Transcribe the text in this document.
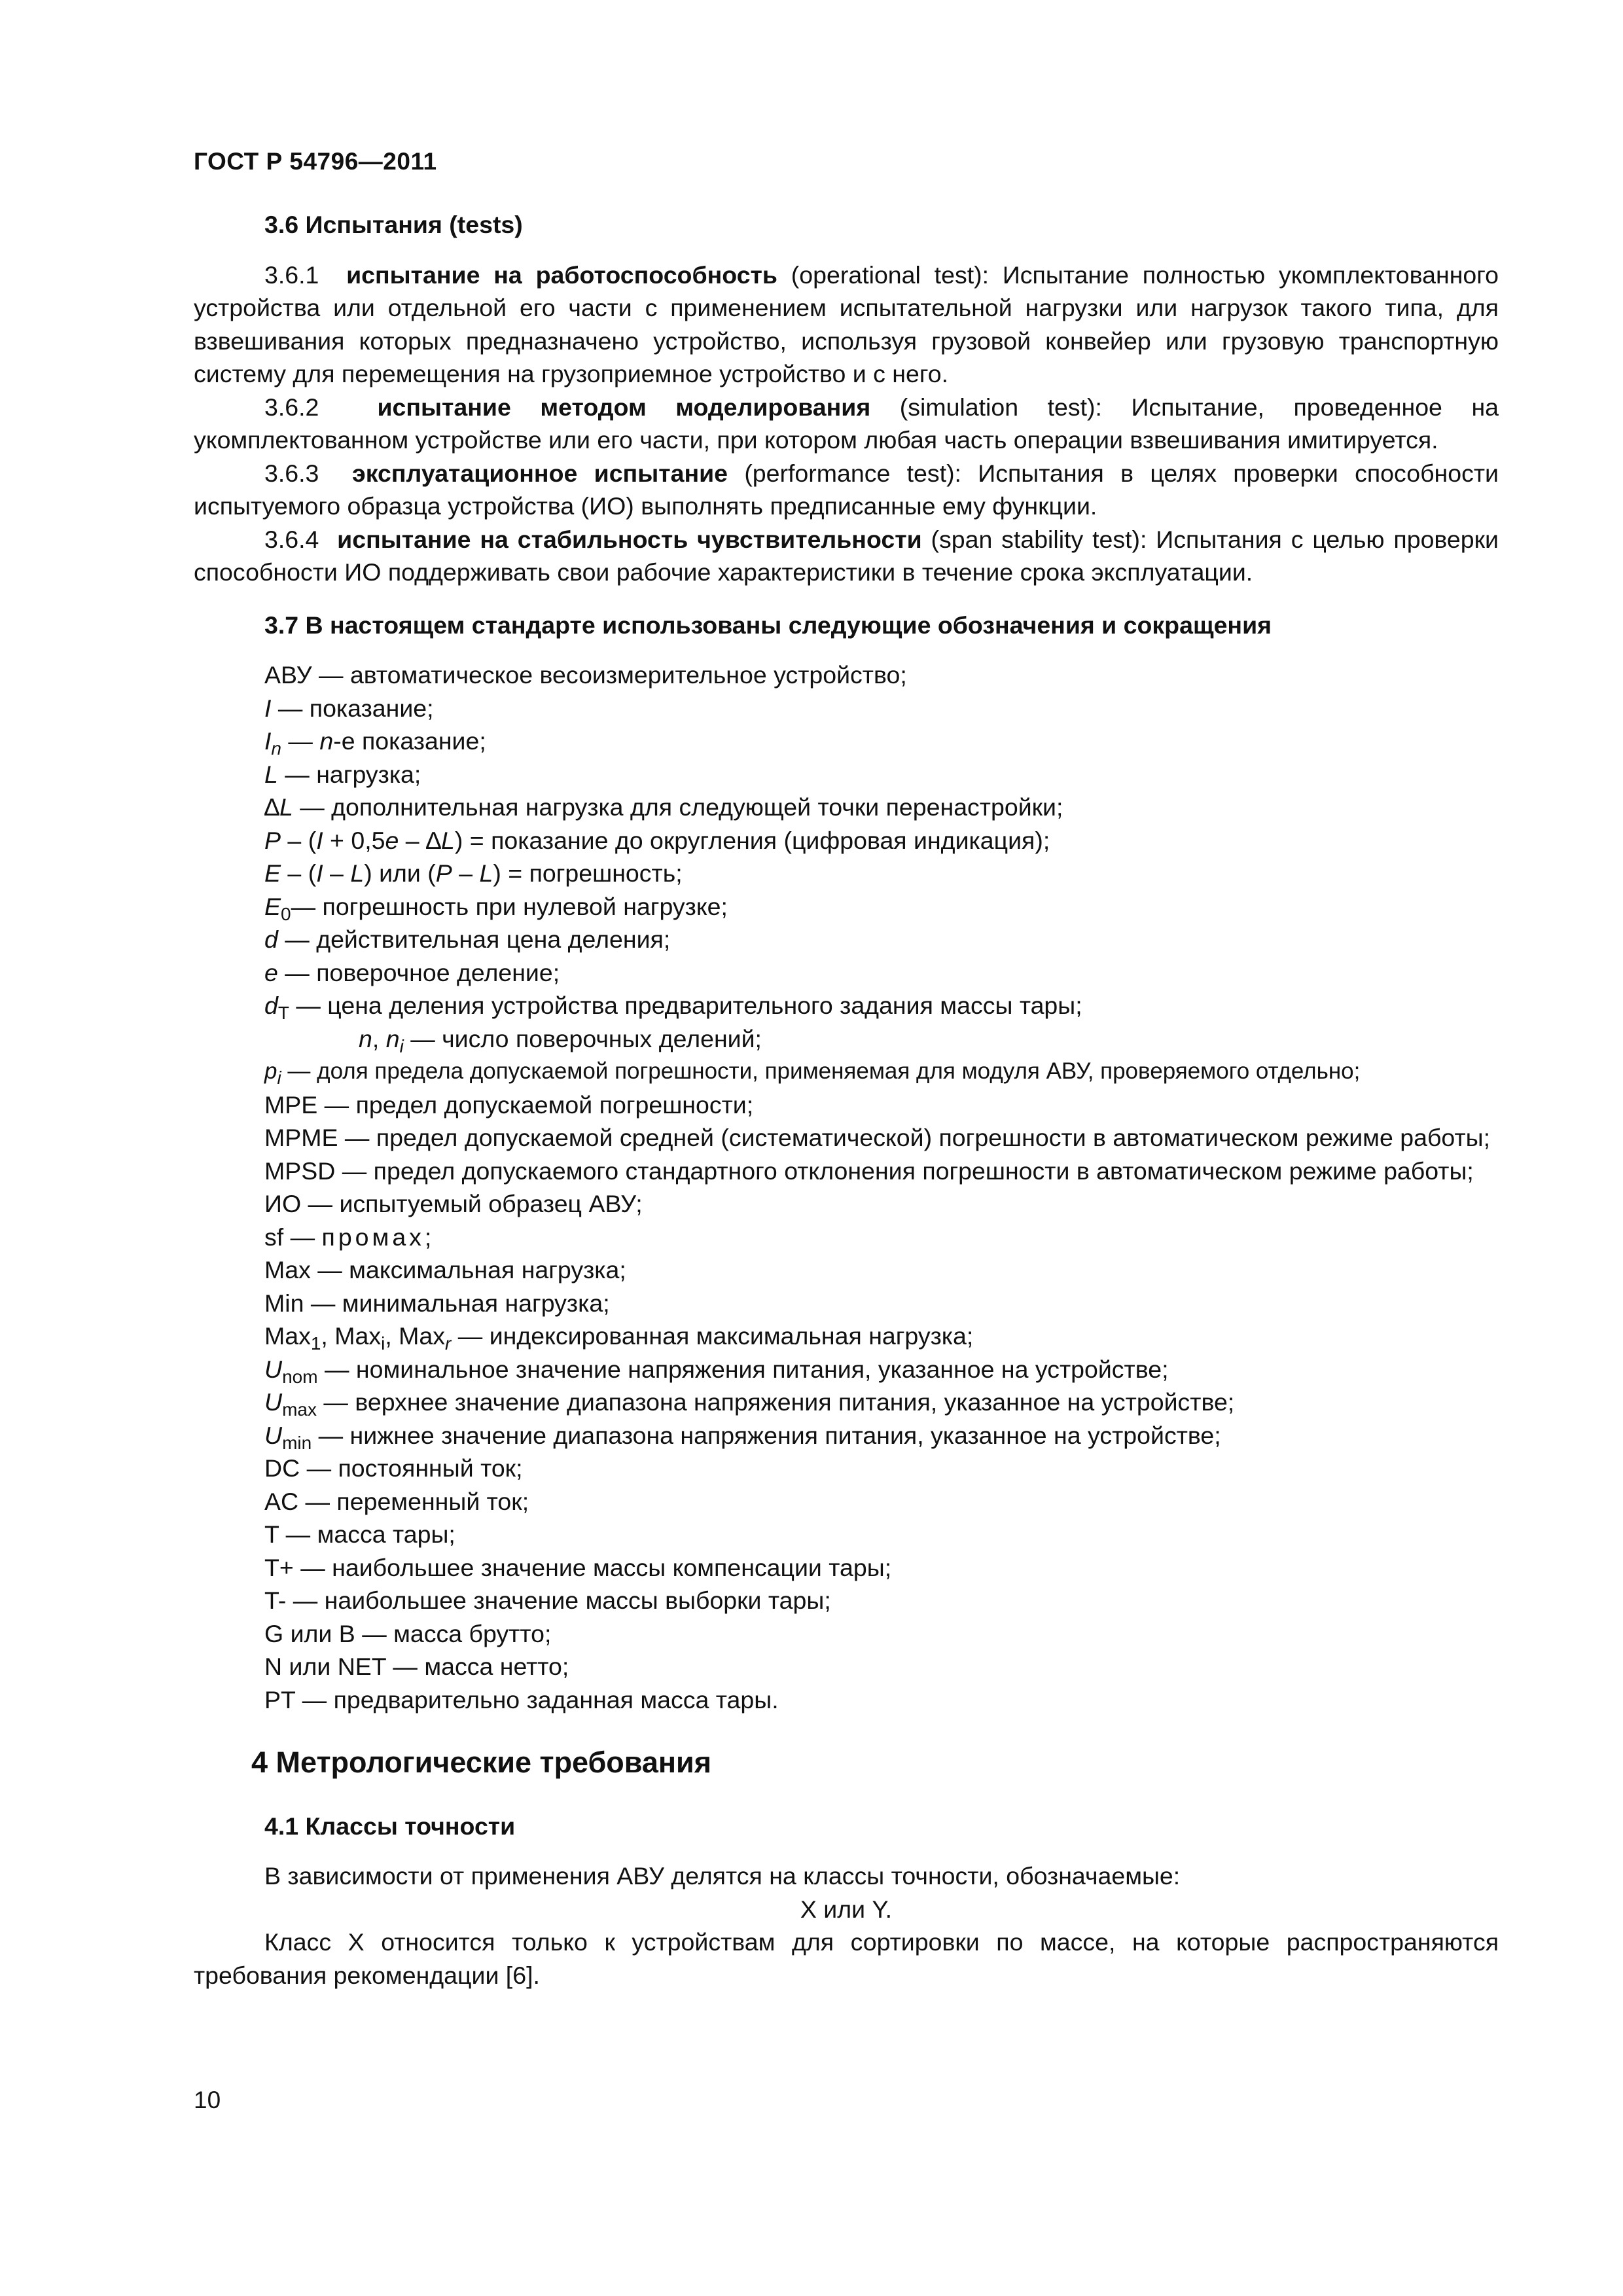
ГОСТ Р 54796—2011

3.6 Испытания (tests)

3.6.1 испытание на работоспособность (operational test): Испытание полностью укомплектованного устройства или отдельной его части с применением испытательной нагрузки или нагрузок такого типа, для взвешивания которых предназначено устройство, используя грузовой конвейер или грузовую транспортную систему для перемещения на грузоприемное устройство и с него.

3.6.2 испытание методом моделирования (simulation test): Испытание, проведенное на укомплектованном устройстве или его части, при котором любая часть операции взвешивания имитируется.

3.6.3 эксплуатационное испытание (performance test): Испытания в целях проверки способности испытуемого образца устройства (ИО) выполнять предписанные ему функции.

3.6.4 испытание на стабильность чувствительности (span stability test): Испытания с целью проверки способности ИО поддерживать свои рабочие характеристики в течение срока эксплуатации.

3.7 В настоящем стандарте использованы следующие обозначения и сокращения

АВУ — автоматическое весоизмерительное устройство;

I — показание;

$I_n$ — n-е показание;

L — нагрузка;

∆L — дополнительная нагрузка для следующей точки перенастройки;

P – (I + 0,5e – ∆L) = показание до округления (цифровая индикация);

E – (I – L) или (P – L) = погрешность;

$E_0—$ погрешность при нулевой нагрузке;

d — действительная цена деления;

e — поверочное деление;

$d_T$ — цена деления устройства предварительного задания массы тары;

n, $n_i$ — число поверочных делений;

$p_i$ — доля предела допускаемой погрешности, применяемая для модуля АВУ, проверяемого отдельно;

MPE — предел допускаемой погрешности;

MPME — предел допускаемой средней (систематической) погрешности в автоматическом режиме работы;

MPSD — предел допускаемого стандартного отклонения погрешности в автоматическом режиме работы;

ИО — испытуемый образец АВУ;

sf — промах;

Max — максимальная нагрузка;

Min — минимальная нагрузка;

Max$_1$, Max$_i$, Max$_r$ — индексированная максимальная нагрузка;

$U_{nom}$ — номинальное значение напряжения питания, указанное на устройстве;

$U_{max}$ — верхнее значение диапазона напряжения питания, указанное на устройстве;

$U_{min}$ — нижнее значение диапазона напряжения питания, указанное на устройстве;

DC — постоянный ток;

AC — переменный ток;

T — масса тары;

T+ — наибольшее значение массы компенсации тары;

T- — наибольшее значение массы выборки тары;

G или B — масса брутто;

N или NET — масса нетто;

PT — предварительно заданная масса тары.

4 Метрологические требования

4.1 Классы точности

В зависимости от применения АВУ делятся на классы точности, обозначаемые:

X или Y.

Класс X относится только к устройствам для сортировки по массе, на которые распространяются требования рекомендации [6].

10
